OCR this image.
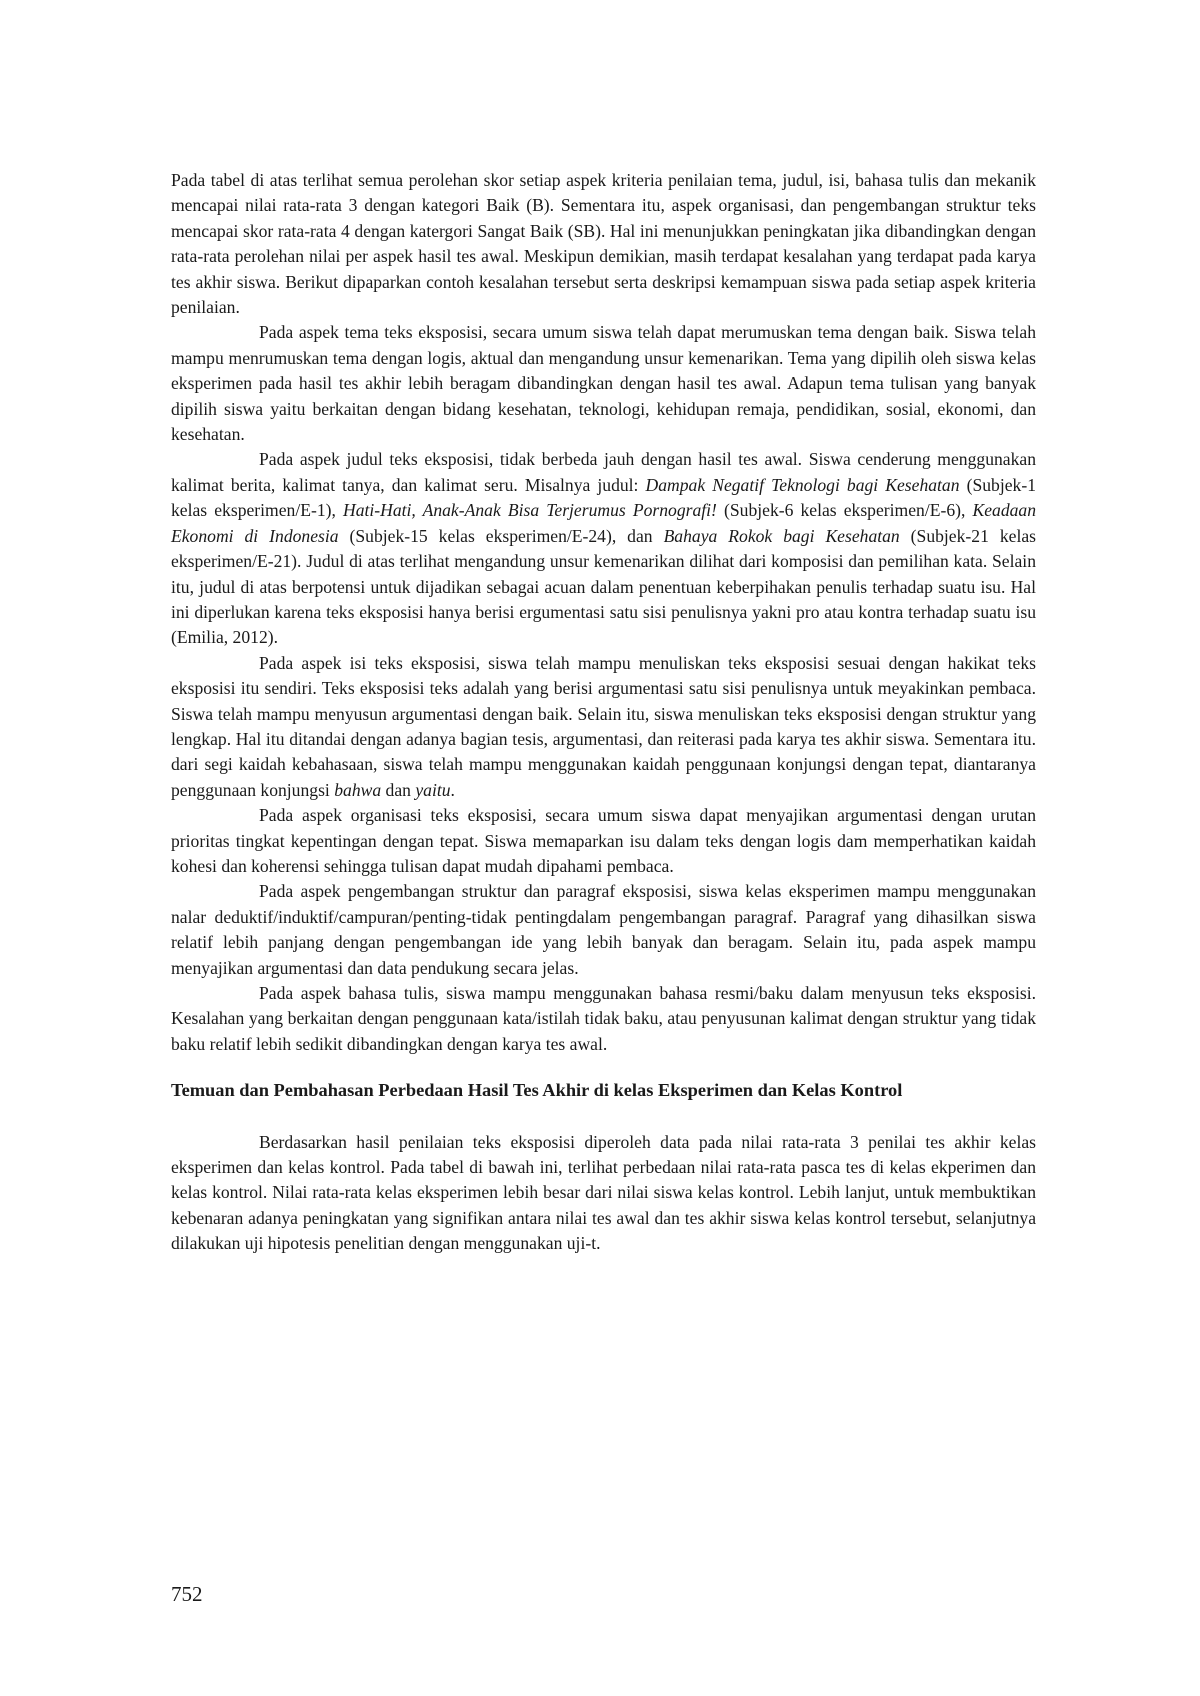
Pada tabel di atas terlihat semua perolehan skor setiap aspek kriteria penilaian tema, judul, isi, bahasa tulis dan mekanik mencapai nilai rata-rata 3 dengan kategori Baik (B). Sementara itu, aspek organisasi, dan pengembangan struktur teks mencapai skor rata-rata 4 dengan katergori Sangat Baik (SB). Hal ini menunjukkan peningkatan jika dibandingkan dengan rata-rata perolehan nilai per aspek hasil tes awal. Meskipun demikian, masih terdapat kesalahan yang terdapat pada karya tes akhir siswa. Berikut dipaparkan contoh kesalahan tersebut serta deskripsi kemampuan siswa pada setiap aspek kriteria penilaian.

Pada aspek tema teks eksposisi, secara umum siswa telah dapat merumuskan tema dengan baik. Siswa telah mampu menrumuskan tema dengan logis, aktual dan mengandung unsur kemenarikan. Tema yang dipilih oleh siswa kelas eksperimen pada hasil tes akhir lebih beragam dibandingkan dengan hasil tes awal. Adapun tema tulisan yang banyak dipilih siswa yaitu berkaitan dengan bidang kesehatan, teknologi, kehidupan remaja, pendidikan, sosial, ekonomi, dan kesehatan.

Pada aspek judul teks eksposisi, tidak berbeda jauh dengan hasil tes awal. Siswa cenderung menggunakan kalimat berita, kalimat tanya, dan kalimat seru. Misalnya judul: Dampak Negatif Teknologi bagi Kesehatan (Subjek-1 kelas eksperimen/E-1), Hati-Hati, Anak-Anak Bisa Terjerumus Pornografi! (Subjek-6 kelas eksperimen/E-6), Keadaan Ekonomi di Indonesia (Subjek-15 kelas eksperimen/E-24), dan Bahaya Rokok bagi Kesehatan (Subjek-21 kelas eksperimen/E-21). Judul di atas terlihat mengandung unsur kemenarikan dilihat dari komposisi dan pemilihan kata. Selain itu, judul di atas berpotensi untuk dijadikan sebagai acuan dalam penentuan keberpihakan penulis terhadap suatu isu. Hal ini diperlukan karena teks eksposisi hanya berisi ergumentasi satu sisi penulisnya yakni pro atau kontra terhadap suatu isu (Emilia, 2012).

Pada aspek isi teks eksposisi, siswa telah mampu menuliskan teks eksposisi sesuai dengan hakikat teks eksposisi itu sendiri. Teks eksposisi teks adalah yang berisi argumentasi satu sisi penulisnya untuk meyakinkan pembaca. Siswa telah mampu menyusun argumentasi dengan baik. Selain itu, siswa menuliskan teks eksposisi dengan struktur yang lengkap. Hal itu ditandai dengan adanya bagian tesis, argumentasi, dan reiterasi pada karya tes akhir siswa. Sementara itu. dari segi kaidah kebahasaan, siswa telah mampu menggunakan kaidah penggunaan konjungsi dengan tepat, diantaranya penggunaan konjungsi bahwa dan yaitu.

Pada aspek organisasi teks eksposisi, secara umum siswa dapat menyajikan argumentasi dengan urutan prioritas tingkat kepentingan dengan tepat. Siswa memaparkan isu dalam teks dengan logis dam memperhatikan kaidah kohesi dan koherensi sehingga tulisan dapat mudah dipahami pembaca.

Pada aspek pengembangan struktur dan paragraf eksposisi, siswa kelas eksperimen mampu menggunakan nalar deduktif/induktif/campuran/penting-tidak pentingdalam pengembangan paragraf. Paragraf yang dihasilkan siswa relatif lebih panjang dengan pengembangan ide yang lebih banyak dan beragam. Selain itu, pada aspek mampu menyajikan argumentasi dan data pendukung secara jelas.

Pada aspek bahasa tulis, siswa mampu menggunakan bahasa resmi/baku dalam menyusun teks eksposisi. Kesalahan yang berkaitan dengan penggunaan kata/istilah tidak baku, atau penyusunan kalimat dengan struktur yang tidak baku relatif lebih sedikit dibandingkan dengan karya tes awal.

Temuan dan Pembahasan Perbedaan Hasil Tes Akhir di kelas Eksperimen dan Kelas Kontrol

Berdasarkan hasil penilaian teks eksposisi diperoleh data pada nilai rata-rata 3 penilai tes akhir kelas eksperimen dan kelas kontrol. Pada tabel di bawah ini, terlihat perbedaan nilai rata-rata pasca tes di kelas ekperimen dan kelas kontrol. Nilai rata-rata kelas eksperimen lebih besar dari nilai siswa kelas kontrol. Lebih lanjut, untuk membuktikan kebenaran adanya peningkatan yang signifikan antara nilai tes awal dan tes akhir siswa kelas kontrol tersebut, selanjutnya dilakukan uji hipotesis penelitian dengan menggunakan uji-t.

752
